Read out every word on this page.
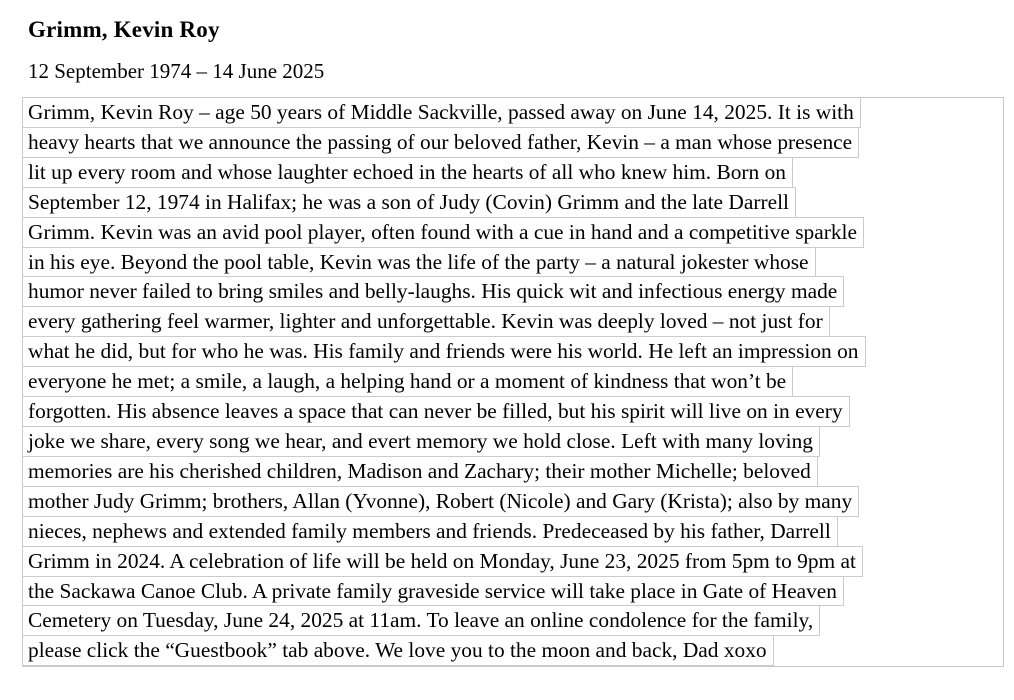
Grimm, Kevin Roy
12 September 1974 – 14 June 2025
Grimm, Kevin Roy – age 50 years of Middle Sackville, passed away on June 14, 2025. It is with
heavy hearts that we announce the passing of our beloved father, Kevin – a man whose presence
lit up every room and whose laughter echoed in the hearts of all who knew him. Born on
September 12, 1974 in Halifax; he was a son of Judy (Covin) Grimm and the late Darrell
Grimm. Kevin was an avid pool player, often found with a cue in hand and a competitive sparkle
in his eye. Beyond the pool table, Kevin was the life of the party – a natural jokester whose
humor never failed to bring smiles and belly-laughs. His quick wit and infectious energy made
every gathering feel warmer, lighter and unforgettable. Kevin was deeply loved – not just for
what he did, but for who he was. His family and friends were his world. He left an impression on
everyone he met; a smile, a laugh, a helping hand or a moment of kindness that won’t be
forgotten. His absence leaves a space that can never be filled, but his spirit will live on in every
joke we share, every song we hear, and evert memory we hold close. Left with many loving
memories are his cherished children, Madison and Zachary; their mother Michelle; beloved
mother Judy Grimm; brothers, Allan (Yvonne), Robert (Nicole) and Gary (Krista); also by many
nieces, nephews and extended family members and friends. Predeceased by his father, Darrell
Grimm in 2024. A celebration of life will be held on Monday, June 23, 2025 from 5pm to 9pm at
the Sackawa Canoe Club. A private family graveside service will take place in Gate of Heaven
Cemetery on Tuesday, June 24, 2025 at 11am. To leave an online condolence for the family,
please click the “Guestbook” tab above. We love you to the moon and back, Dad xoxo
